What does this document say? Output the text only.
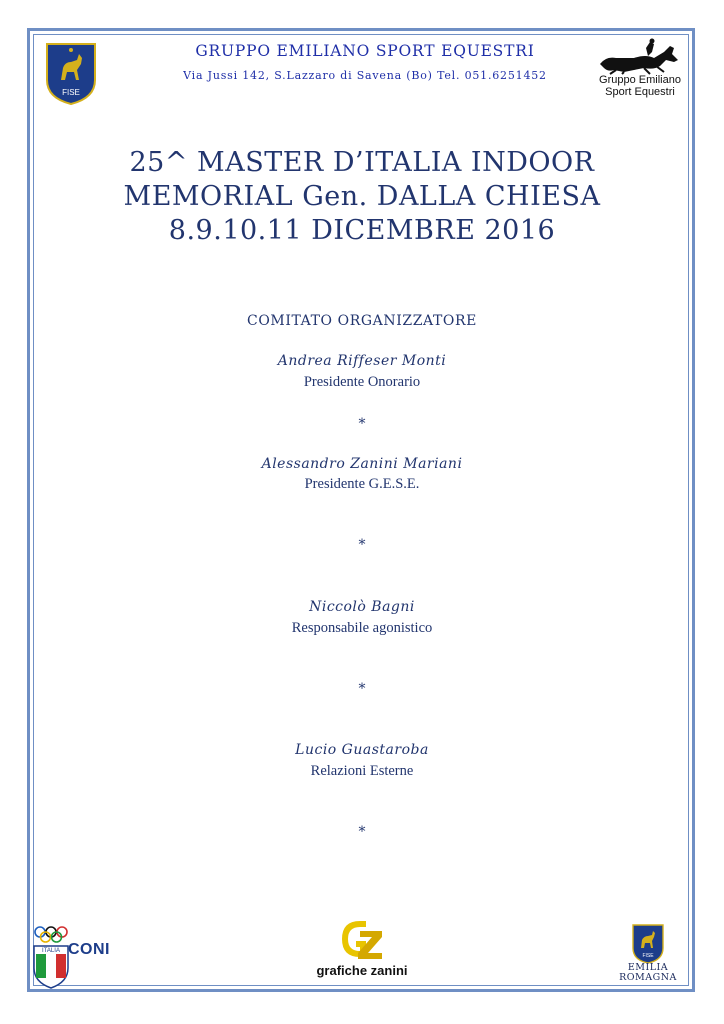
FISE
GRUPPO EMILIANO SPORT EQUESTRI
Via Jussi 142, S.Lazzaro di Savena (Bo) Tel. 051.6251452	Gruppo Emiliano
Sport Equestri
25^ MASTER D’ITALIA INDOOR
MEMORIAL Gen. DALLA CHIESA
8.9.10.11 DICEMBRE 2016
COMITATO ORGANIZZATORE
Andrea Riffeser Monti
Presidente Onorario
*
Alessandro Zanini Mariani
Presidente G.E.S.E.
*
Niccolò Bagni
Responsabile agonistico
*
Lucio Guastaroba
Relazioni Esterne
*
ITALIA CONI
grafiche zanini
FISE
EMILIA
ROMAGNA
